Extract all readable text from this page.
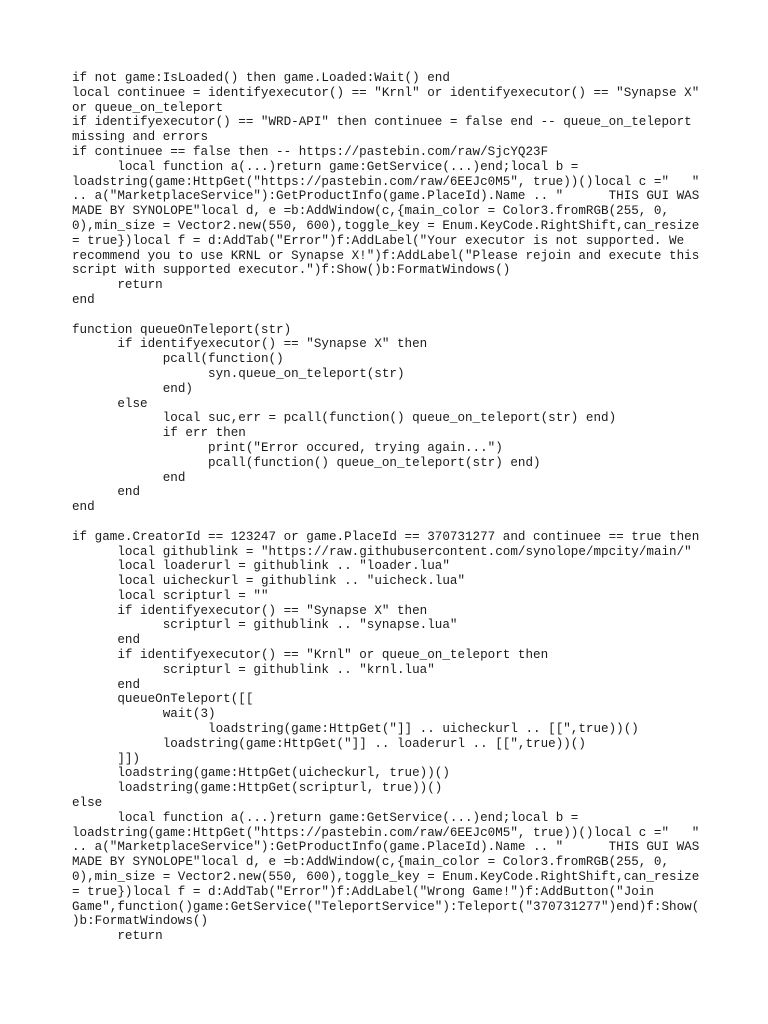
if not game:IsLoaded() then game.Loaded:Wait() end
local continuee = identifyexecutor() == "Krnl" or identifyexecutor() == "Synapse X"
or queue_on_teleport
if identifyexecutor() == "WRD-API" then continuee = false end -- queue_on_teleport
missing and errors
if continuee == false then -- https://pastebin.com/raw/SjcYQ23F
	local function a(...)return game:GetService(...)end;local b =
loadstring(game:HttpGet("https://pastebin.com/raw/6EEJc0M5", true))()local c ="   "
.. a("MarketplaceService"):GetProductInfo(game.PlaceId).Name .. "      THIS GUI WAS
MADE BY SYNOLOPE"local d, e =b:AddWindow(c,{main_color = Color3.fromRGB(255, 0,
0),min_size = Vector2.new(550, 600),toggle_key = Enum.KeyCode.RightShift,can_resize
= true})local f = d:AddTab("Error")f:AddLabel("Your executor is not supported. We
recommend you to use KRNL or Synapse X!")f:AddLabel("Please rejoin and execute this
script with supported executor.")f:Show()b:FormatWindows()
	return
end
function queueOnTeleport(str)
	if identifyexecutor() == "Synapse X" then
		pcall(function()
			syn.queue_on_teleport(str)
		end)
	else
		local suc,err = pcall(function() queue_on_teleport(str) end)
		if err then
			print("Error occured, trying again...")
			pcall(function() queue_on_teleport(str) end)
		end
	end
end
if game.CreatorId == 123247 or game.PlaceId == 370731277 and continuee == true then
	local githublink = "https://raw.githubusercontent.com/synolope/mpcity/main/"
	local loaderurl = githublink .. "loader.lua"
	local uicheckurl = githublink .. "uicheck.lua"
	local scripturl = ""
	if identifyexecutor() == "Synapse X" then
		scripturl = githublink .. "synapse.lua"
	end
	if identifyexecutor() == "Krnl" or queue_on_teleport then
		scripturl = githublink .. "krnl.lua"
	end
	queueOnTeleport([[
		wait(3)
			loadstring(game:HttpGet("]] .. uicheckurl .. [[",true))()
		loadstring(game:HttpGet("]] .. loaderurl .. [[",true))()
	]])
	loadstring(game:HttpGet(uicheckurl, true))()
	loadstring(game:HttpGet(scripturl, true))()
else
	local function a(...)return game:GetService(...)end;local b =
loadstring(game:HttpGet("https://pastebin.com/raw/6EEJc0M5", true))()local c ="   "
.. a("MarketplaceService"):GetProductInfo(game.PlaceId).Name .. "      THIS GUI WAS
MADE BY SYNOLOPE"local d, e =b:AddWindow(c,{main_color = Color3.fromRGB(255, 0,
0),min_size = Vector2.new(550, 600),toggle_key = Enum.KeyCode.RightShift,can_resize
= true})local f = d:AddTab("Error")f:AddLabel("Wrong Game!")f:AddButton("Join
Game",function()game:GetService("TeleportService"):Teleport("370731277")end)f:Show(
)b:FormatWindows()
	return
